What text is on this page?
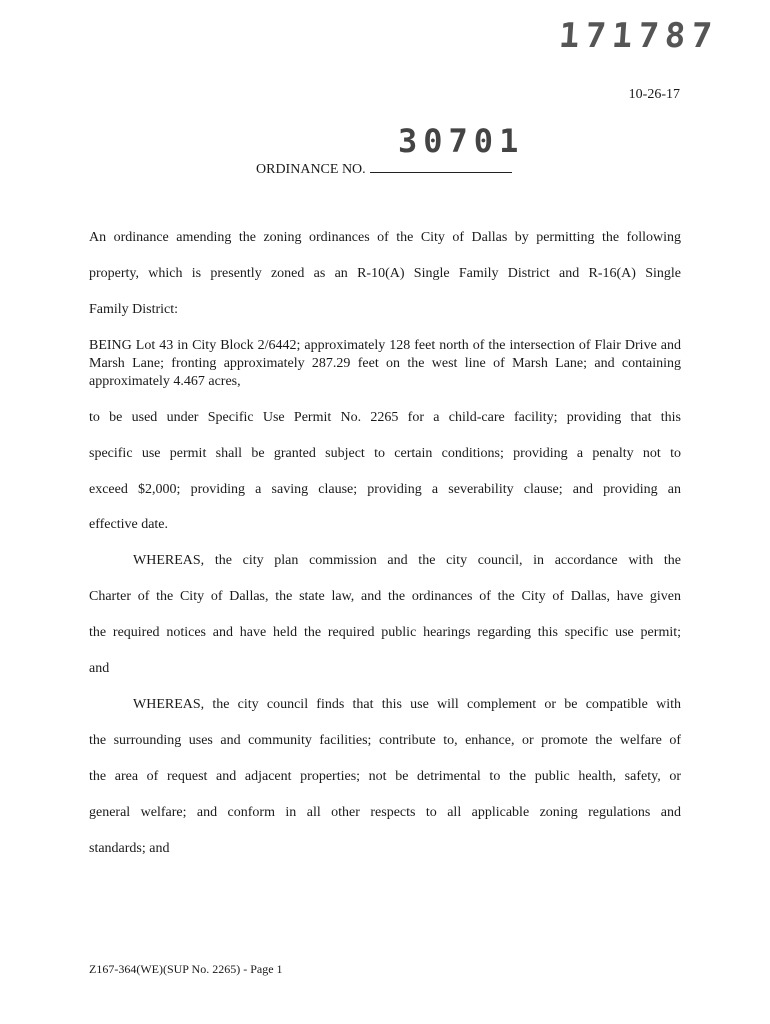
171787
10-26-17
30701
ORDINANCE NO.
An ordinance amending the zoning ordinances of the City of Dallas by permitting the following
property, which is presently zoned as an R-10(A) Single Family District and R-16(A) Single
Family District:
BEING Lot 43 in City Block 2/6442; approximately 128 feet north of the intersection of Flair Drive and Marsh Lane; fronting approximately 287.29 feet on the west line of Marsh Lane; and containing approximately 4.467 acres,
to be used under Specific Use Permit No. 2265 for a child-care facility; providing that this
specific use permit shall be granted subject to certain conditions; providing a penalty not to
exceed $2,000; providing a saving clause; providing a severability clause; and providing an
effective date.
WHEREAS, the city plan commission and the city council, in accordance with the
Charter of the City of Dallas, the state law, and the ordinances of the City of Dallas, have given
the required notices and have held the required public hearings regarding this specific use permit;
and
WHEREAS, the city council finds that this use will complement or be compatible with
the surrounding uses and community facilities; contribute to, enhance, or promote the welfare of
the area of request and adjacent properties; not be detrimental to the public health, safety, or
general welfare; and conform in all other respects to all applicable zoning regulations and
standards; and
Z167-364(WE)(SUP No. 2265) - Page 1
